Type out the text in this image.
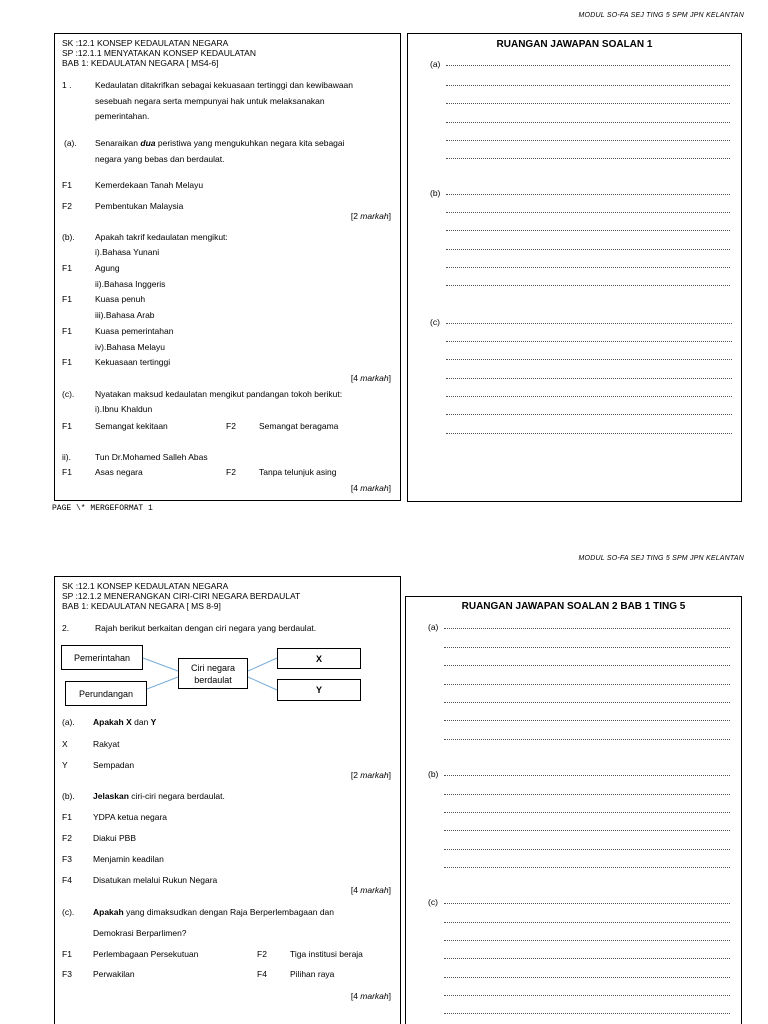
MODUL SO-FA SEJ TING 5 SPM JPN KELANTAN
SK :12.1 KONSEP KEDAULATAN NEGARA
SP :12.1.1 MENYATAKAN KONSEP KEDAULATAN
BAB 1: KEDAULATAN NEGARA [ MS4-6]
1 .	Kedaulatan ditakrifkan sebagai kekuasaan tertinggi dan kewibawaan
sesebuah negara serta mempunyai hak untuk melaksanakan
pemerintahan.
(a). Senaraikan dua peristiwa yang mengukuhkan negara kita sebagai
negara yang bebas dan berdaulat.
F1	Kemerdekaan Tanah Melayu
F2	Pembentukan Malaysia
[2 markah]
(b). Apakah takrif kedaulatan mengikut:
i).Bahasa Yunani
F1	Agung
ii).Bahasa Inggeris
F1	Kuasa penuh
iii).Bahasa Arab
F1	Kuasa pemerintahan
iv).Bahasa Melayu
F1	Kekuasaan tertinggi
[4 markah]
(c). Nyatakan maksud kedaulatan mengikut pandangan tokoh berikut:
i).Ibnu Khaldun
F1	Semangat kekitaan	F2	Semangat beragama
ii).	Tun Dr.Mohamed Salleh Abas
F1	Asas negara	F2	Tanpa telunjuk asing
[4 markah]
PAGE \* MERGEFORMAT 1
RUANGAN JAWAPAN SOALAN 1
(a)
(b)
(c)
MODUL SO-FA SEJ TING 5 SPM JPN KELANTAN
SK :12.1 KONSEP KEDAULATAN NEGARA
SP :12.1.2 MENERANGKAN CIRI-CIRI NEGARA BERDAULAT
BAB 1: KEDAULATAN NEGARA [ MS 8-9]
2.	Rajah berikut berkaitan dengan ciri negara yang berdaulat.
Pemerintahan
Perundangan
Ciri negara
berdaulat
X
Y
(a). Apakah X dan Y
X	Rakyat
Y	Sempadan
[2 markah]
(b). Jelaskan ciri-ciri negara berdaulat.
F1 YDPA ketua negara
F2 Diakui PBB
F3 Menjamin keadilan
F4 Disatukan melalui Rukun Negara
[4 markah]
(c). Apakah yang dimaksudkan dengan Raja Berperlembagaan dan
Demokrasi Berparlimen?
F1 Perlembagaan Persekutuan	F2	Tiga institusi beraja
F3 Perwakilan	F4	Pilihan raya
[4 markah]
RUANGAN JAWAPAN SOALAN 2 BAB 1 TING 5
(a)
(b)
(c)
